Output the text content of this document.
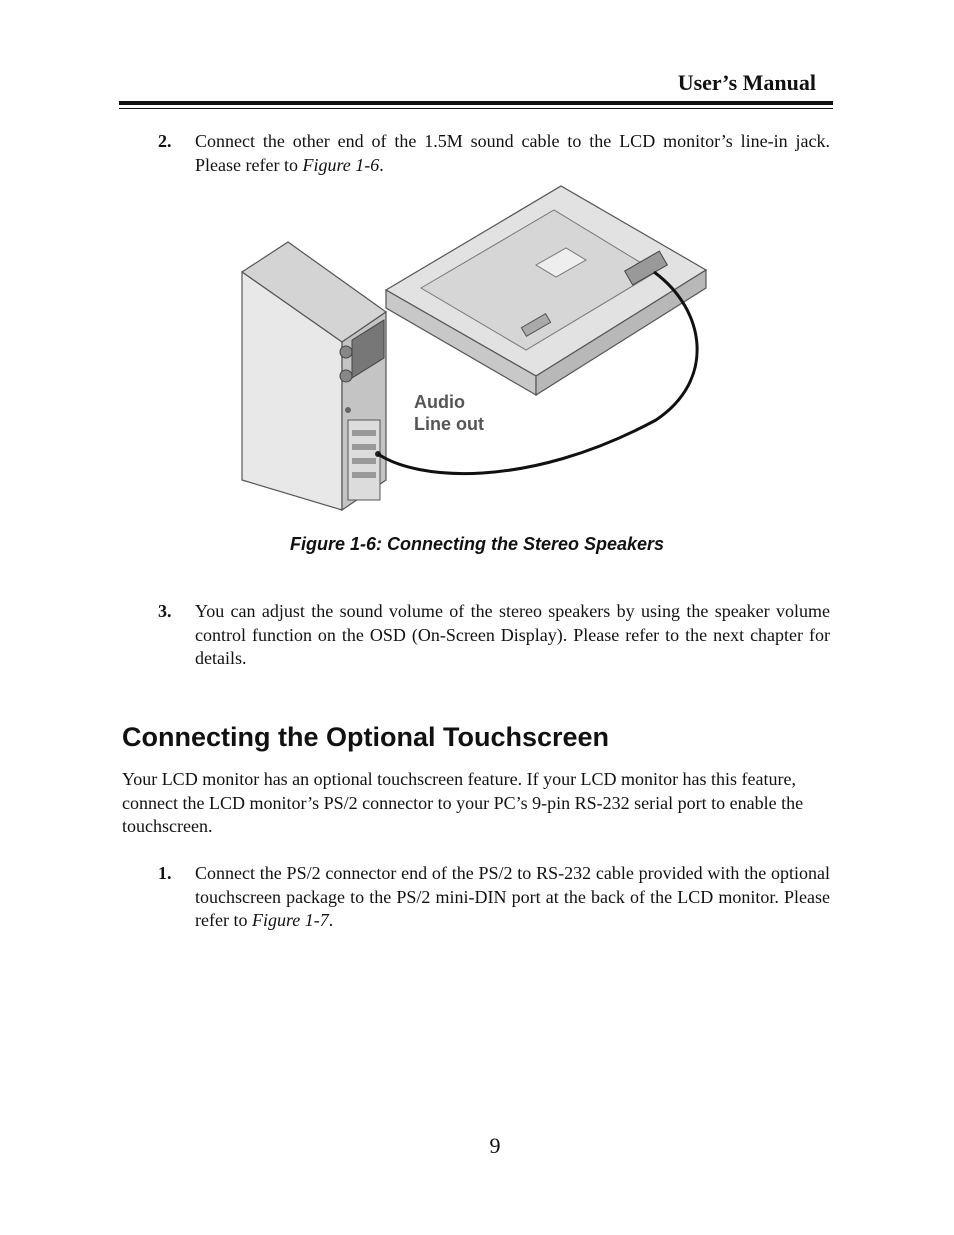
User’s Manual
2. Connect the other end of the 1.5M sound cable to the LCD monitor’s line-in jack. Please refer to Figure 1-6.
Audio
Line out
Figure 1-6: Connecting the Stereo Speakers
3. You can adjust the sound volume of the stereo speakers by using the speaker volume control function on the OSD (On-Screen Display). Please refer to the next chapter for details.
Connecting the Optional Touchscreen
Your LCD monitor has an optional touchscreen feature. If your LCD monitor has this feature, connect the LCD monitor’s PS/2 connector to your PC’s 9-pin RS-232 serial port to enable the touchscreen.
1. Connect the PS/2 connector end of the PS/2 to RS-232 cable provided with the optional touchscreen package to the PS/2 mini-DIN port at the back of the LCD monitor. Please refer to Figure 1-7.
9
